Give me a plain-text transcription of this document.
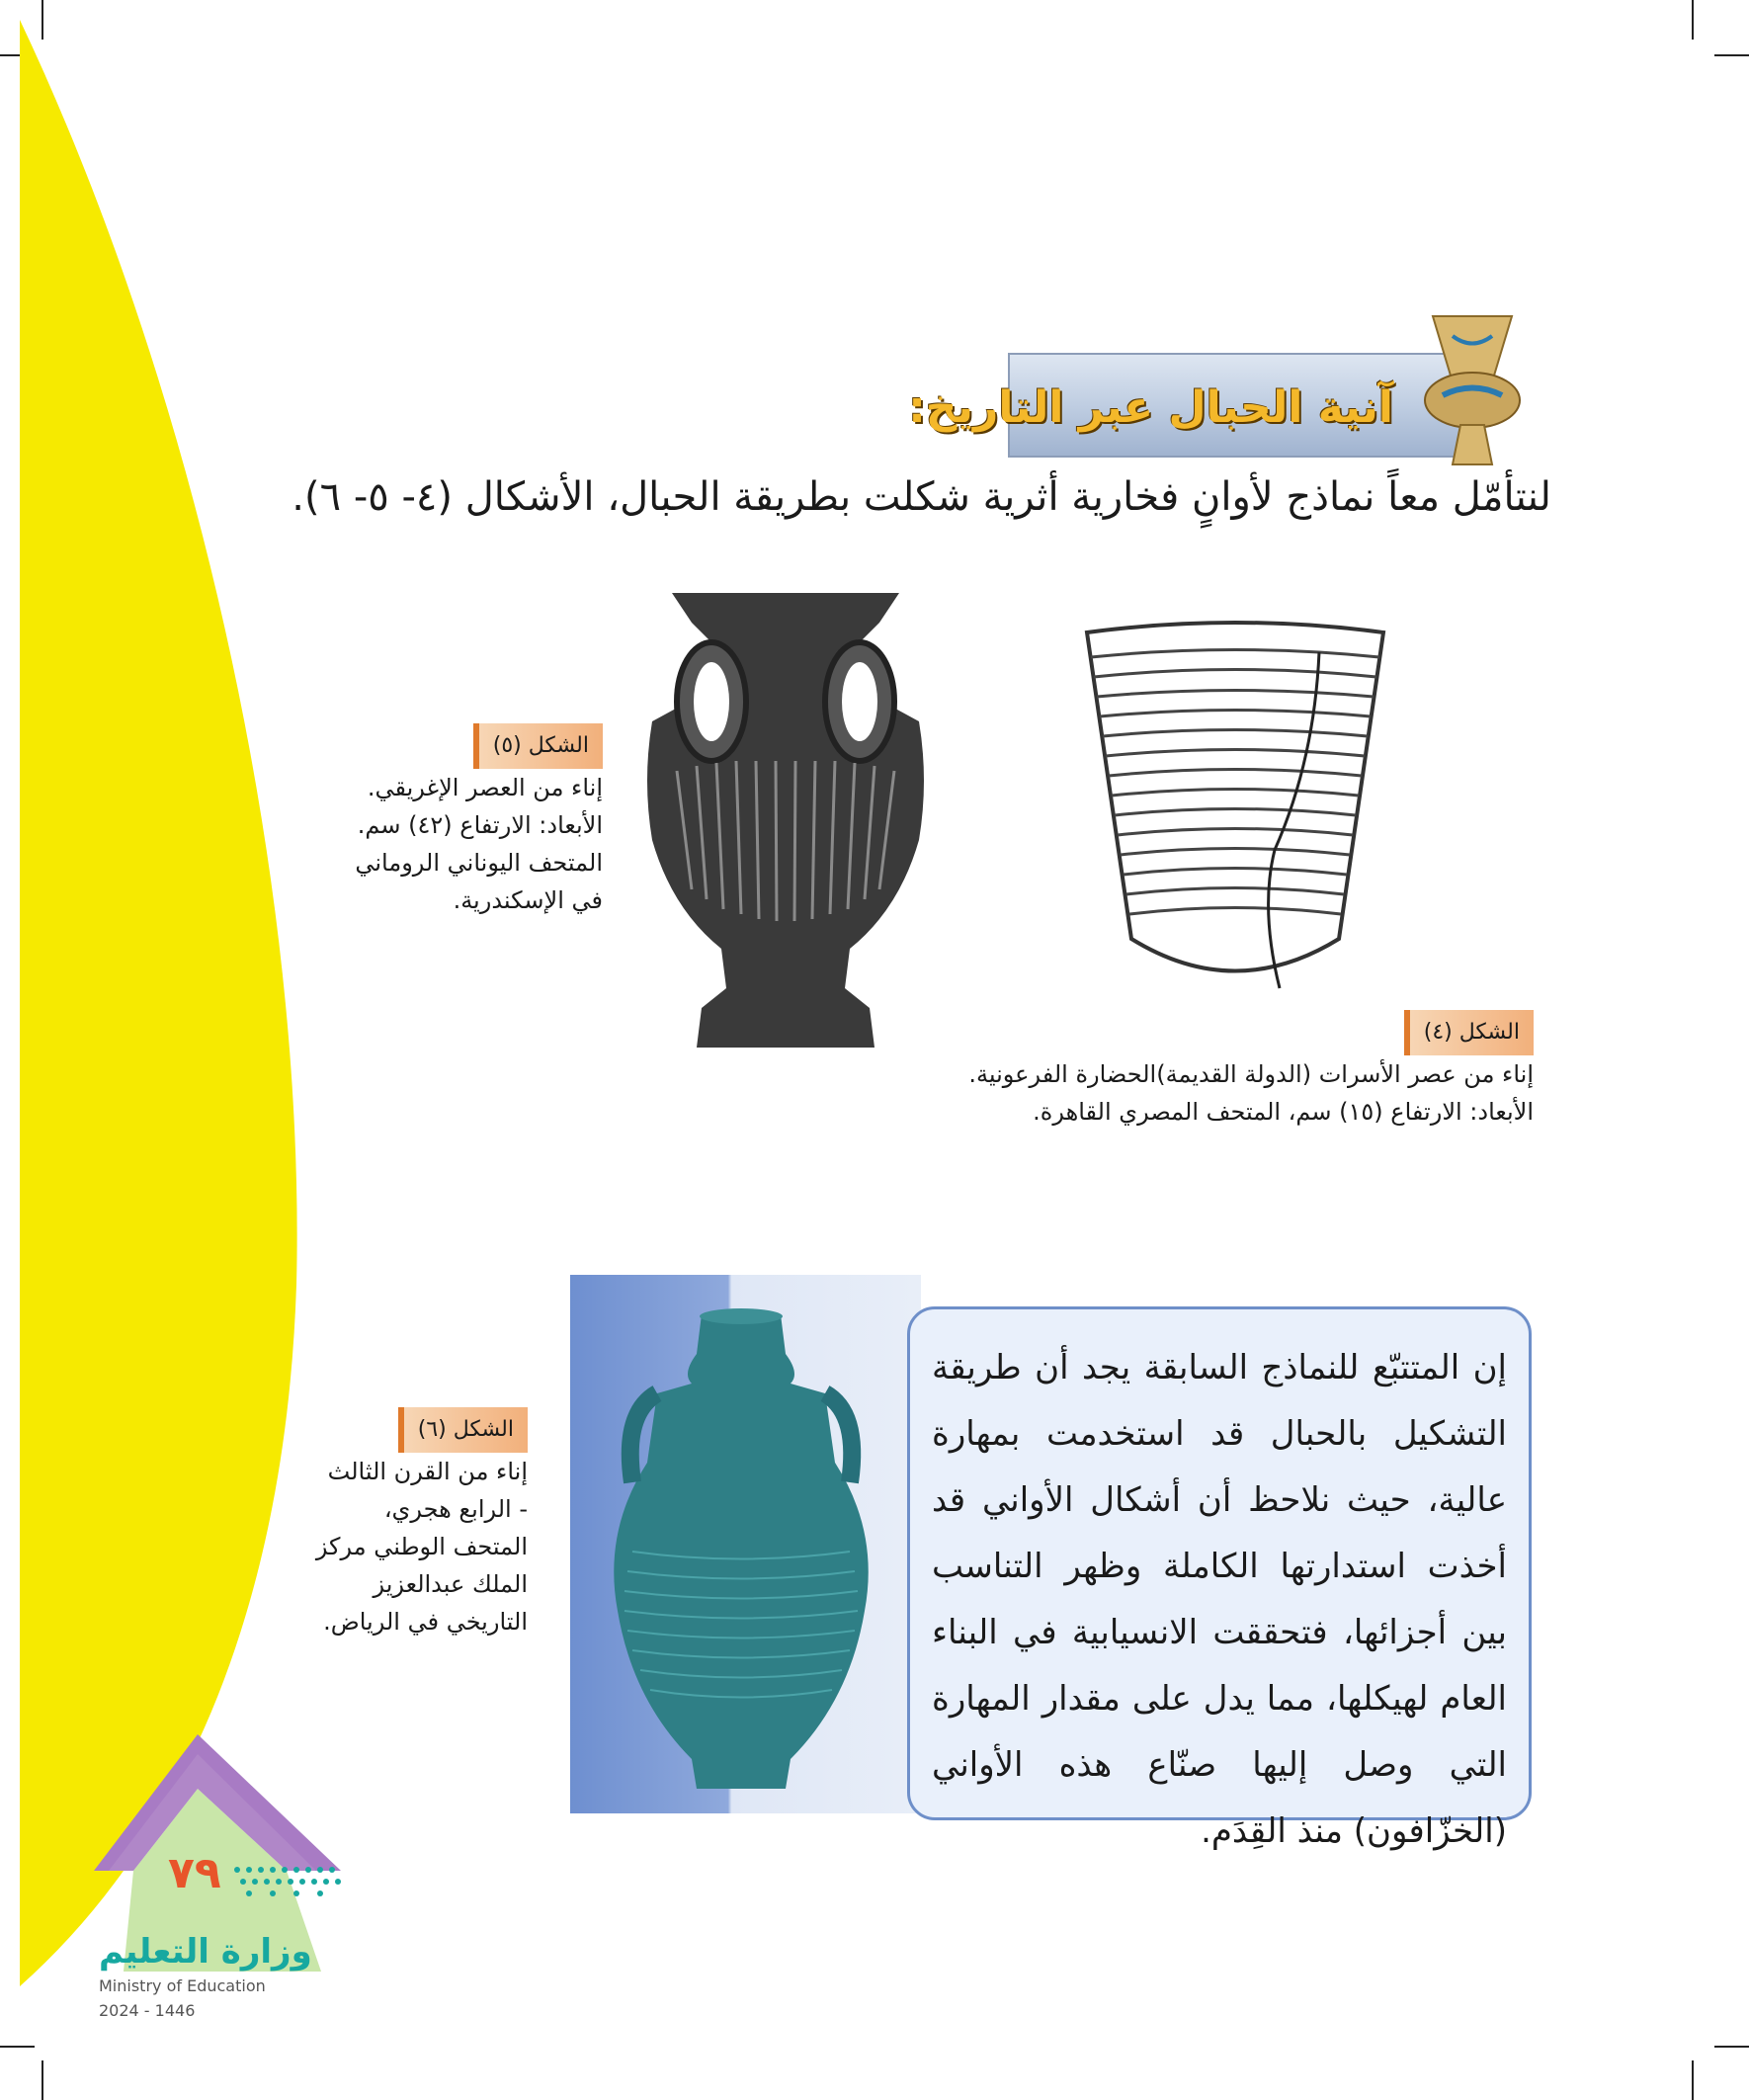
آنية الحبال عبر التاريخ:
لنتأمّل معاً نماذج لأوانٍ فخارية أثرية شكلت بطريقة الحبال، الأشكال (٤- ٥- ٦).
الشكل (٥)
إناء من العصر الإغريقي.
الأبعاد: الارتفاع (٤٢) سم.
المتحف اليوناني الروماني
في الإسكندرية.
الشكل (٤)
إناء من عصر الأسرات (الدولة القديمة)الحضارة الفرعونية.
الأبعاد: الارتفاع (١٥) سم، المتحف المصري القاهرة.
الشكل (٦)
إناء من القرن الثالث
- الرابع هجري،
المتحف الوطني مركز
الملك عبدالعزيز
التاريخي في الرياض.

إن المتتبّع للنماذج السابقة يجد أن طريقة التشكيل بالحبال قد استخدمت بمهارة عالية، حيث نلاحظ أن أشكال الأواني قد أخذت استدارتها الكاملة وظهر التناسب بين أجزائها، فتحققت الانسيابية في البناء العام لهيكلها، مما يدل على مقدار المهارة التي وصل إليها صنّاع هذه الأواني (الخزّافون) منذ القِدَم.

٧٩
وزارة التعليم
Ministry of Education
2024 - 1446
